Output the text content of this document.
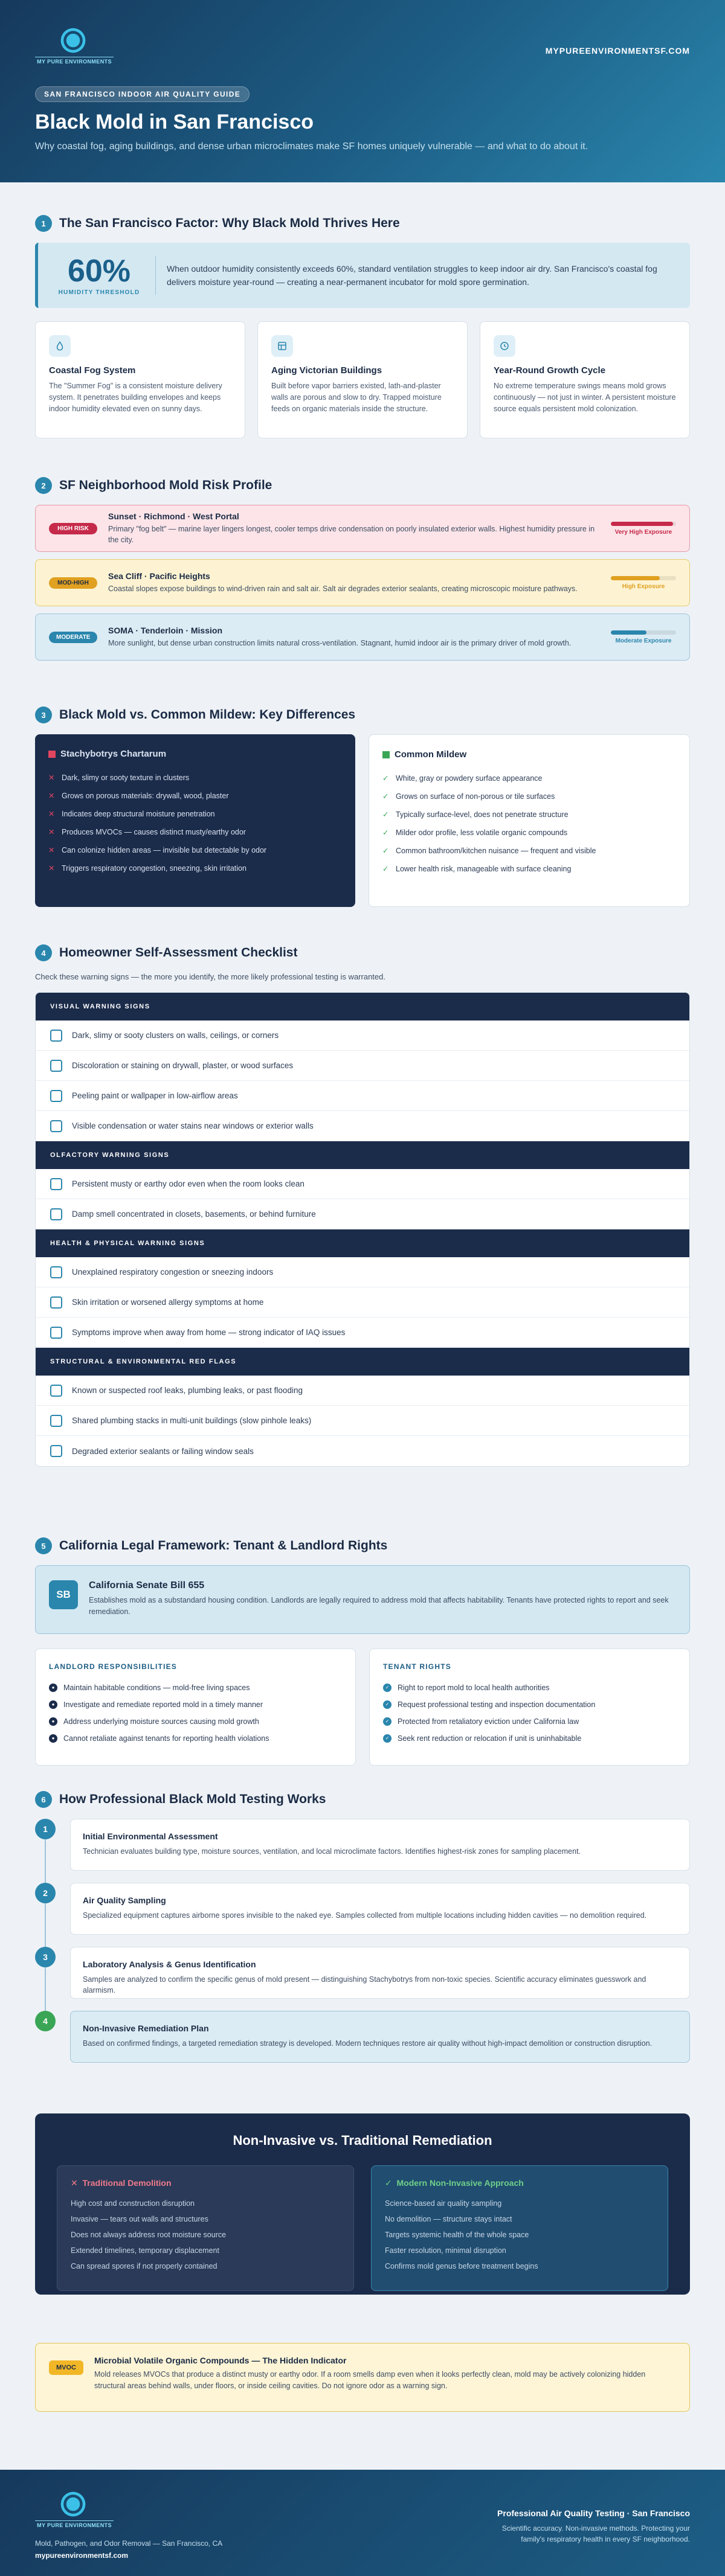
MY PURE ENVIRONMENTS
MYPUREENVIRONMENTSF.COM
SAN FRANCISCO INDOOR AIR QUALITY GUIDE
Black Mold in San Francisco

Why coastal fog, aging buildings, and dense urban microclimates make SF homes uniquely vulnerable — and what to do about it.

1	The San Francisco Factor: Why Black Mold Thrives Here
60%
HUMIDITY THRESHOLD
When outdoor humidity consistently exceeds 60%, standard ventilation struggles to keep indoor air dry. San Francisco's coastal fog delivers moisture year-round — creating a near-permanent incubator for mold spore germination.
Coastal Fog System
The "Summer Fog" is a consistent moisture delivery system. It penetrates building envelopes and keeps indoor humidity elevated even on sunny days.
Aging Victorian Buildings
Built before vapor barriers existed, lath-and-plaster walls are porous and slow to dry. Trapped moisture feeds on organic materials inside the structure.
Year-Round Growth Cycle
No extreme temperature swings means mold grows continuously — not just in winter. A persistent moisture source equals persistent mold colonization.
2	SF Neighborhood Mold Risk Profile
HIGH RISK
Sunset · Richmond · West Portal
Primary "fog belt" — marine layer lingers longest, cooler temps drive condensation on poorly insulated exterior walls. Highest humidity pressure in the city.
Very High Exposure
MOD-HIGH
Sea Cliff · Pacific Heights
Coastal slopes expose buildings to wind-driven rain and salt air. Salt air degrades exterior sealants, creating microscopic moisture pathways.	High Exposure
MODERATE
SOMA · Tenderloin · Mission
More sunlight, but dense urban construction limits natural cross-ventilation. Stagnant, humid indoor air is the primary driver of mold growth.	Moderate Exposure
3	Black Mold vs. Common Mildew: Key Differences
Stachybotrys Chartarum
✕ Dark, slimy or sooty texture in clusters
✕ Grows on porous materials: drywall, wood, plaster
✕ Indicates deep structural moisture penetration
✕ Produces MVOCs — causes distinct musty/earthy odor
✕ Can colonize hidden areas — invisible but detectable by odor
✕ Triggers respiratory congestion, sneezing, skin irritation
Common Mildew
✓ White, gray or powdery surface appearance
✓ Grows on surface of non-porous or tile surfaces
✓ Typically surface-level, does not penetrate structure
✓ Milder odor profile, less volatile organic compounds
✓ Common bathroom/kitchen nuisance — frequent and visible
✓ Lower health risk, manageable with surface cleaning
4	Homeowner Self-Assessment Checklist

Check these warning signs — the more you identify, the more likely professional testing is warranted.

VISUAL WARNING SIGNS
Dark, slimy or sooty clusters on walls, ceilings, or corners
Discoloration or staining on drywall, plaster, or wood surfaces
Peeling paint or wallpaper in low-airflow areas
Visible condensation or water stains near windows or exterior walls
OLFACTORY WARNING SIGNS
Persistent musty or earthy odor even when the room looks clean
Damp smell concentrated in closets, basements, or behind furniture
HEALTH & PHYSICAL WARNING SIGNS
Unexplained respiratory congestion or sneezing indoors
Skin irritation or worsened allergy symptoms at home
Symptoms improve when away from home — strong indicator of IAQ issues
STRUCTURAL & ENVIRONMENTAL RED FLAGS
Known or suspected roof leaks, plumbing leaks, or past flooding
Shared plumbing stacks in multi-unit buildings (slow pinhole leaks)
Degraded exterior sealants or failing window seals
5	California Legal Framework: Tenant & Landlord Rights
SB
California Senate Bill 655
Establishes mold as a substandard housing condition. Landlords are legally required to address mold that affects habitability. Tenants have protected rights to report and seek remediation.
LANDLORD RESPONSIBILITIES
●	Maintain habitable conditions — mold-free living spaces
●	Investigate and remediate reported mold in a timely manner
●	Address underlying moisture sources causing mold growth
●	Cannot retaliate against tenants for reporting health violations
TENANT RIGHTS
✓ Right to report mold to local health authorities
✓ Request professional testing and inspection documentation
✓ Protected from retaliatory eviction under California law
✓ Seek rent reduction or relocation if unit is uninhabitable
6	How Professional Black Mold Testing Works
1
Initial Environmental Assessment
Technician evaluates building type, moisture sources, ventilation, and local microclimate factors. Identifies highest-risk zones for sampling placement.
2
Air Quality Sampling
Specialized equipment captures airborne spores invisible to the naked eye. Samples collected from multiple locations including hidden cavities — no demolition required.
3
Laboratory Analysis & Genus Identification
Samples are analyzed to confirm the specific genus of mold present — distinguishing Stachybotrys from non-toxic species. Scientific accuracy eliminates guesswork and alarmism.
4
Non-Invasive Remediation Plan
Based on confirmed findings, a targeted remediation strategy is developed. Modern techniques restore air quality without high-impact demolition or construction disruption.
Non-Invasive vs. Traditional Remediation
✕ Traditional Demolition
High cost and construction disruption
Invasive — tears out walls and structures
Does not always address root moisture source
Extended timelines, temporary displacement
Can spread spores if not properly contained
✓ Modern Non-Invasive Approach
Science-based air quality sampling
No demolition — structure stays intact
Targets systemic health of the whole space
Faster resolution, minimal disruption
Confirms mold genus before treatment begins
MVOC
Microbial Volatile Organic Compounds — The Hidden Indicator
Mold releases MVOCs that produce a distinct musty or earthy odor. If a room smells damp even when it looks perfectly clean, mold may be actively colonizing hidden structural areas behind walls, under floors, or inside ceiling cavities. Do not ignore odor as a warning sign.
MY PURE ENVIRONMENTS
Mold, Pathogen, and Odor Removal — San Francisco, CA
mypureenvironmentsf.com
Professional Air Quality Testing · San Francisco
Scientific accuracy. Non-invasive methods. Protecting your family's respiratory health in every SF neighborhood.
